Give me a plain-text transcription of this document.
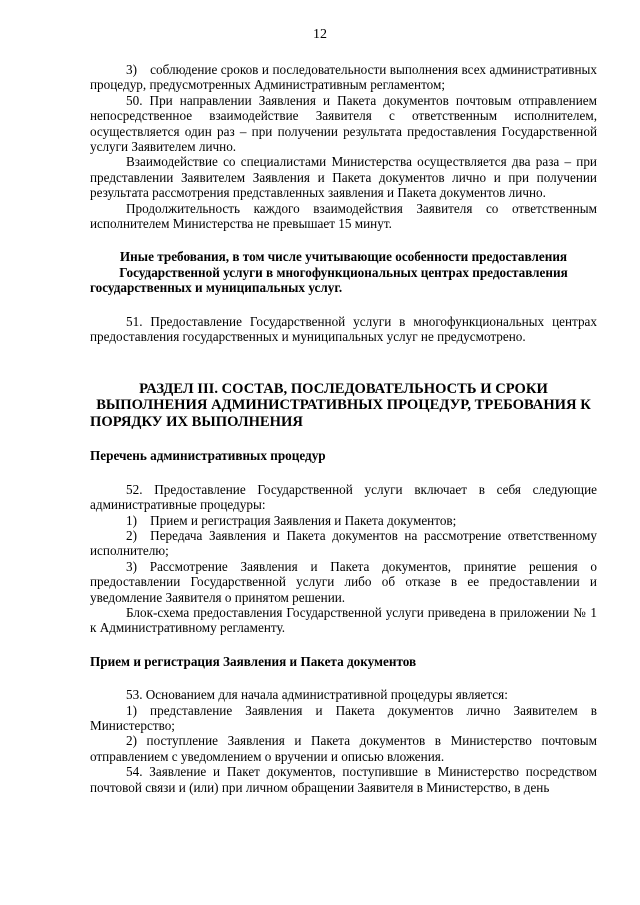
12

3) соблюдение сроков и последовательности выполнения всех административных процедур, предусмотренных Административным регламентом;

50. При направлении Заявления и Пакета документов почтовым отправлением непосредственное взаимодействие Заявителя с ответственным исполнителем, осуществляется один раз – при получении результата предоставления Государственной услуги Заявителем лично.

Взаимодействие со специалистами Министерства осуществляется два раза – при представлении Заявителем Заявления и Пакета документов лично и при получении результата рассмотрения представленных заявления и Пакета документов лично.

Продолжительность каждого взаимодействия Заявителя со ответственным исполнителем Министерства не превышает 15 минут.

Иные требования, в том числе учитывающие особенности предоставления Государственной услуги в многофункциональных центрах предоставления государственных и муниципальных услуг.

51. Предоставление Государственной услуги в многофункциональных центрах предоставления государственных и муниципальных услуг не предусмотрено.

РАЗДЕЛ III. СОСТАВ, ПОСЛЕДОВАТЕЛЬНОСТЬ И СРОКИ ВЫПОЛНЕНИЯ АДМИНИСТРАТИВНЫХ ПРОЦЕДУР, ТРЕБОВАНИЯ К ПОРЯДКУ ИХ ВЫПОЛНЕНИЯ

Перечень административных процедур

52. Предоставление Государственной услуги включает в себя следующие административные процедуры:

1) Прием и регистрация Заявления и Пакета документов;

2) Передача Заявления и Пакета документов на рассмотрение ответственному исполнителю;

3) Рассмотрение Заявления и Пакета документов, принятие решения о предоставлении Государственной услуги либо об отказе в ее предоставлении и уведомление Заявителя о принятом решении.

Блок-схема предоставления Государственной услуги приведена в приложении № 1 к Административному регламенту.

Прием и регистрация Заявления и Пакета документов

53. Основанием для начала административной процедуры является:

1) представление Заявления и Пакета документов лично Заявителем в Министерство;

2) поступление Заявления и Пакета документов в Министерство почтовым отправлением с уведомлением о вручении и описью вложения.

54. Заявление и Пакет документов, поступившие в Министерство посредством почтовой связи и (или) при личном обращении Заявителя в Министерство, в день
